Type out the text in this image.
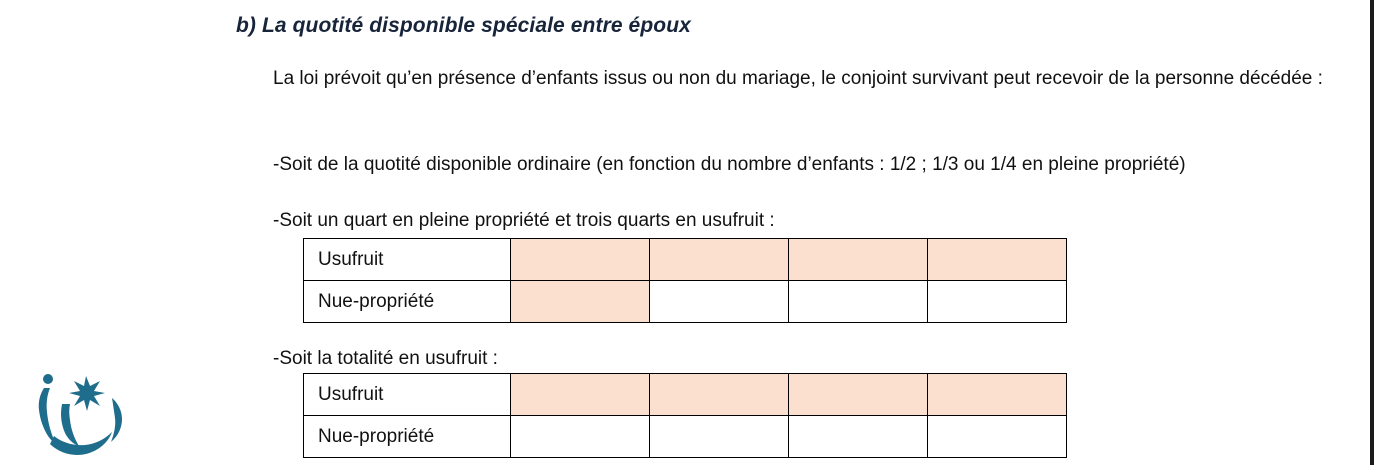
b) La quotité disponible spéciale entre époux
La loi prévoit qu’en présence d’enfants issus ou non du mariage, le conjoint survivant peut recevoir de la personne décédée :
-Soit de la quotité disponible ordinaire (en fonction du nombre d’enfants : 1/2 ; 1/3 ou 1/4 en pleine propriété)
-Soit un quart en pleine propriété et trois quarts en usufruit :
Usufruit				
Nue-propriété				
-Soit la totalité en usufruit :
Usufruit				
Nue-propriété				
